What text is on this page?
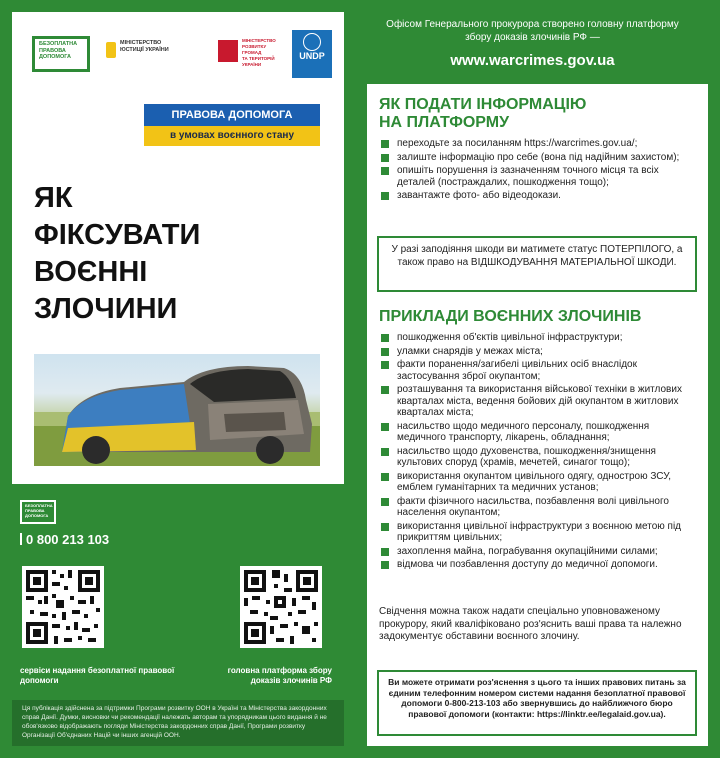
БЕЗОПЛАТНА
ПРАВОВА
ДОПОМОГА
МІНІСТЕРСТВО
ЮСТИЦІЇ УКРАЇНИ
МІНІСТЕРСТВО
РОЗВИТКУ ГРОМАД
ТА ТЕРИТОРІЙ
УКРАЇНИ
UNDP
ПРАВОВА ДОПОМОГА
в умовах воєнного стану
ЯК
ФІКСУВАТИ
ВОЄННІ
ЗЛОЧИНИ
БЕЗОПЛАТНА
ПРАВОВА
ДОПОМОГА
0 800 213 103
сервіси надання безоплатної правової допомоги
головна платформа збору доказів злочинів РФ
Ця публікація здійснена за підтримки Програми розвитку ООН в Україні та Міністерства закордонних справ Данії. Думки, висновки чи рекомендації належать авторам та упорядникам цього видання й не обов'язково відображають погляди Міністерства закордонних справ Данії, Програми розвитку Організації Об'єднаних Націй чи інших агенцій ООН.
Офісом Генерального прокурора створено головну платформу збору доказів злочинів РФ —
www.warcrimes.gov.ua
ЯК ПОДАТИ ІНФОРМАЦІЮ
НА ПЛАТФОРМУ
переходьте за посиланням https://warcrimes.gov.ua/;
залиште інформацію про себе (вона під надійним захистом);
опишіть порушення із зазначенням точного місця та всіх деталей (постраждалих, пошкодження тощо);
завантажте фото- або відеодокази.
У разі заподіяння шкоди ви матимете статус ПОТЕРПІЛОГО, а також право на ВІДШКОДУВАННЯ МАТЕРІАЛЬНОЇ ШКОДИ.
ПРИКЛАДИ ВОЄННИХ ЗЛОЧИНІВ
пошкодження об'єктів цивільної інфраструктури;
уламки снарядів у межах міста;
факти поранення/загибелі цивільних осіб внаслідок застосування зброї окупантом;
розташування та використання військової техніки в житлових кварталах міста, ведення бойових дій окупантом в житлових кварталах міста;
насильство щодо медичного персоналу, пошкодження медичного транспорту, лікарень, обладнання;
насильство щодо духовенства, пошкодження/знищення культових споруд (храмів, мечетей, синагог тощо);
використання окупантом цивільного одягу, однострою ЗСУ, емблем гуманітарних та медичних установ;
факти фізичного насильства, позбавлення волі цивільного населення окупантом;
використання цивільної інфраструктури з воєнною метою під прикриттям цивільних;
захоплення майна, пограбування окупаційними силами;
відмова чи позбавлення доступу до медичної допомоги.
Свідчення можна також надати спеціально уповноваженому прокурору, який кваліфіковано роз'яснить ваші права та належно задокументує обставини воєнного злочину.
Ви можете отримати роз'яснення з цього та інших правових питань за єдиним телефонним номером системи надання безоплатної правової допомоги 0-800-213-103 або звернувшись до найближчого бюро правової допомоги (контакти: https://linktr.ee/legalaid.gov.ua).
